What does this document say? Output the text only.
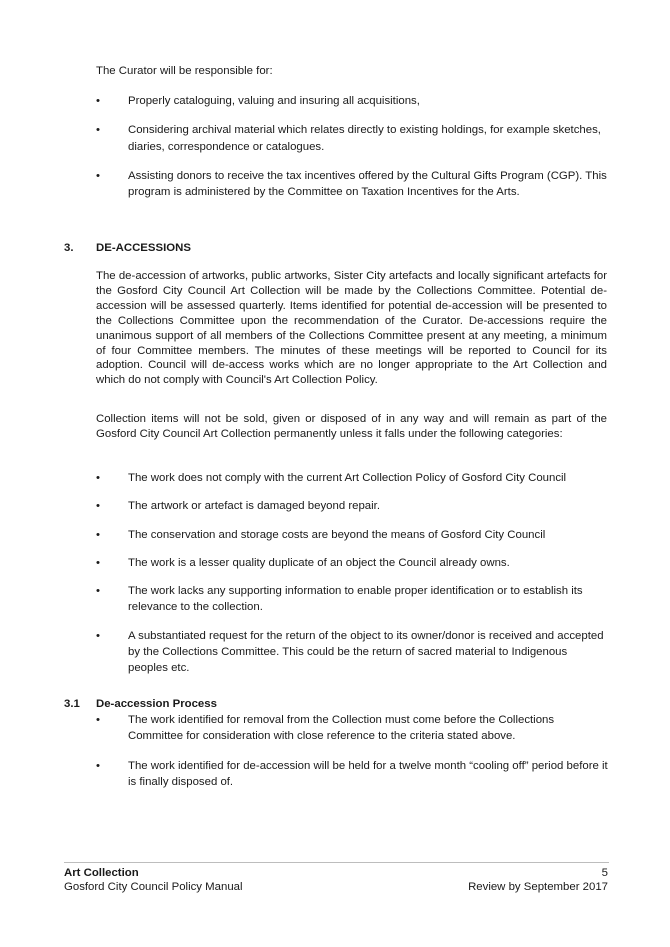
The Curator will be responsible for:

• Properly cataloguing, valuing and insuring all acquisitions,
• Considering archival material which relates directly to existing holdings, for example sketches, diaries, correspondence or catalogues.
• Assisting donors to receive the tax incentives offered by the Cultural Gifts Program (CGP). This program is administered by the Committee on Taxation Incentives for the Arts.
3. DE-ACCESSIONS

The de-accession of artworks, public artworks, Sister City artefacts and locally significant artefacts for the Gosford City Council Art Collection will be made by the Collections Committee. Potential de-accession will be assessed quarterly. Items identified for potential de-accession will be presented to the Collections Committee upon the recommendation of the Curator. De-accessions require the unanimous support of all members of the Collections Committee present at any meeting, a minimum of four Committee members. The minutes of these meetings will be reported to Council for its adoption. Council will de-access works which are no longer appropriate to the Art Collection and which do not comply with Council's Art Collection Policy.

Collection items will not be sold, given or disposed of in any way and will remain as part of the Gosford City Council Art Collection permanently unless it falls under the following categories:

• The work does not comply with the current Art Collection Policy of Gosford City Council
• The artwork or artefact is damaged beyond repair.
• The conservation and storage costs are beyond the means of Gosford City Council
• The work is a lesser quality duplicate of an object the Council already owns.
• The work lacks any supporting information to enable proper identification or to establish its relevance to the collection.
• A substantiated request for the return of the object to its owner/donor is received and accepted by the Collections Committee. This could be the return of sacred material to Indigenous peoples etc.
3.1 De-accession Process
• The work identified for removal from the Collection must come before the Collections Committee for consideration with close reference to the criteria stated above.
• The work identified for de-accession will be held for a twelve month “cooling off” period before it is finally disposed of.
Art Collection
Gosford City Council Policy Manual
5
Review by September 2017
